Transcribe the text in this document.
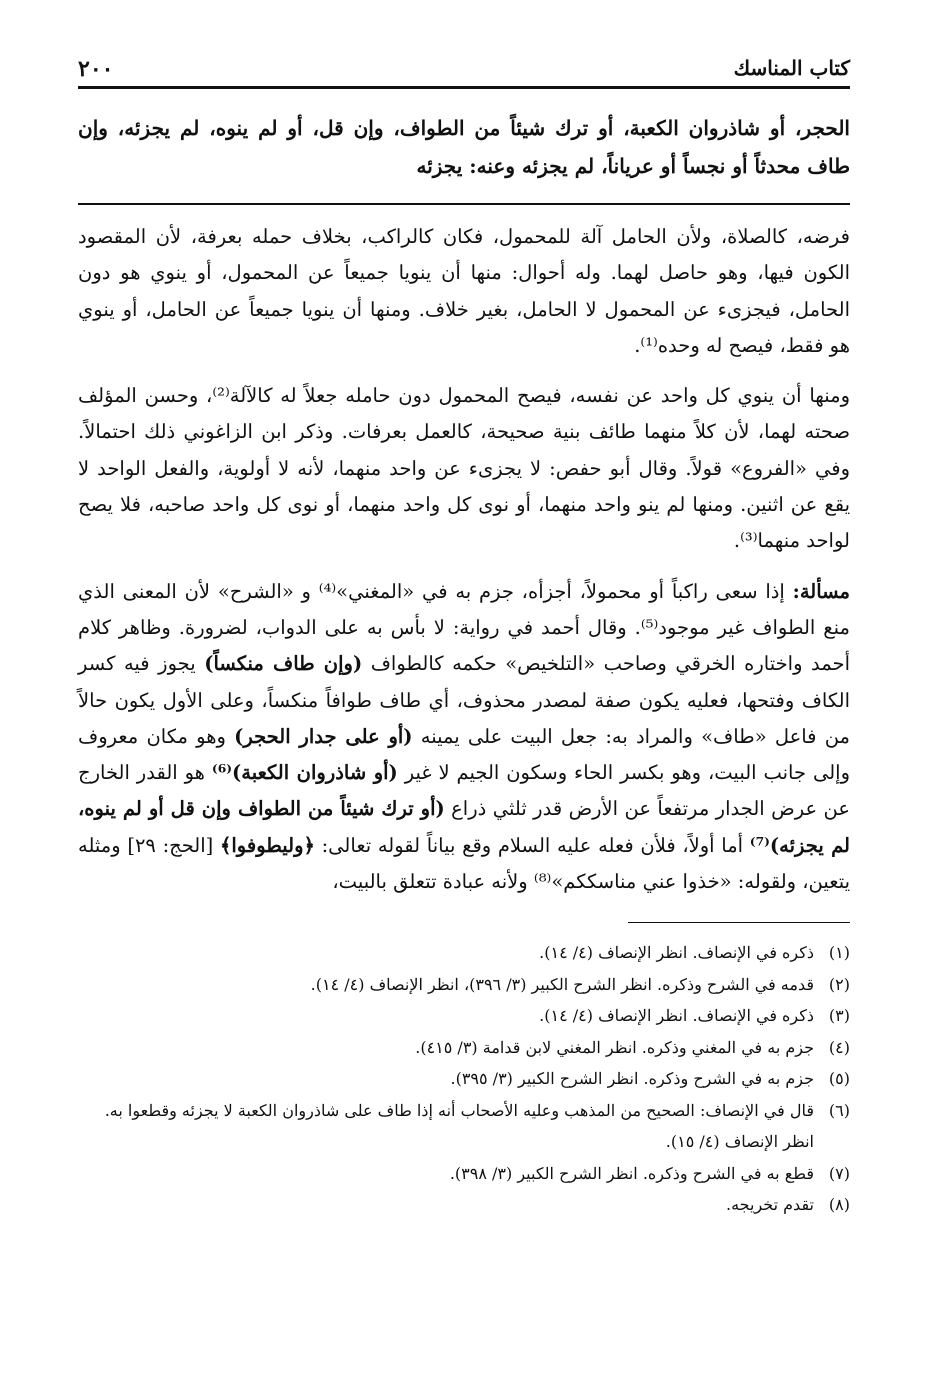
٢٠٠	كتاب المناسك
الحجر، أو شاذروان الكعبة، أو ترك شيئاً من الطواف، وإن قل، أو لم ينوه، لم يجزئه، وإن طاف محدثاً أو نجساً أو عرياناً، لم يجزئه وعنه: يجزئه

فرضه، كالصلاة، ولأن الحامل آلة للمحمول، فكان كالراكب، بخلاف حمله بعرفة، لأن المقصود الكون فيها، وهو حاصل لهما. وله أحوال: منها أن ينويا جميعاً عن المحمول، أو ينوي هو دون الحامل، فيجزىء عن المحمول لا الحامل، بغير خلاف. ومنها أن ينويا جميعاً عن الحامل، أو ينوي هو فقط، فيصح له وحده⁽¹⁾.

ومنها أن ينوي كل واحد عن نفسه، فيصح المحمول دون حامله جعلاً له كالآلة⁽²⁾، وحسن المؤلف صحته لهما، لأن كلاً منهما طائف بنية صحيحة، كالعمل بعرفات. وذكر ابن الزاغوني ذلك احتمالاً. وفي «الفروع» قولاً. وقال أبو حفص: لا يجزىء عن واحد منهما، لأنه لا أولوية، والفعل الواحد لا يقع عن اثنين. ومنها لم ينو واحد منهما، أو نوى كل واحد منهما، أو نوى كل واحد صاحبه، فلا يصح لواحد منهما⁽³⁾.

مسألة: إذا سعى راكباً أو محمولاً، أجزأه، جزم به في «المغني»⁽⁴⁾ و «الشرح» لأن المعنى الذي منع الطواف غير موجود⁽⁵⁾. وقال أحمد في رواية: لا بأس به على الدواب، لضرورة. وظاهر كلام أحمد واختاره الخرقي وصاحب «التلخيص» حكمه كالطواف (وإن طاف منكساً) يجوز فيه كسر الكاف وفتحها، فعليه يكون صفة لمصدر محذوف، أي طاف طوافاً منكساً، وعلى الأول يكون حالاً من فاعل «طاف» والمراد به: جعل البيت على يمينه (أو على جدار الحجر) وهو مكان معروف وإلى جانب البيت، وهو بكسر الحاء وسكون الجيم لا غير (أو شاذروان الكعبة)⁽⁶⁾ هو القدر الخارج عن عرض الجدار مرتفعاً عن الأرض قدر ثلثي ذراع (أو ترك شيئاً من الطواف وإن قل أو لم ينوه، لم يجزئه)⁽⁷⁾ أما أولاً، فلأن فعله عليه السلام وقع بياناً لقوله تعالى: ﴿وليطوفوا﴾ [الحج: ٢٩] ومثله يتعين، ولقوله: «خذوا عني مناسككم»⁽⁸⁾ ولأنه عبادة تتعلق بالبيت،

(١)
ذكره في الإنصاف. انظر الإنصاف (٤/ ١٤).
(٢)
قدمه في الشرح وذكره. انظر الشرح الكبير (٣/ ٣٩٦)، انظر الإنصاف (٤/ ١٤).
(٣)
ذكره في الإنصاف. انظر الإنصاف (٤/ ١٤).
(٤)
جزم به في المغني وذكره. انظر المغني لابن قدامة (٣/ ٤١٥).
(٥)
جزم به في الشرح وذكره. انظر الشرح الكبير (٣/ ٣٩٥).
(٦)
قال في الإنصاف: الصحيح من المذهب وعليه الأصحاب أنه إذا طاف على شاذروان الكعبة لا يجزئه وقطعوا به. انظر الإنصاف (٤/ ١٥).
(٧)
قطع به في الشرح وذكره. انظر الشرح الكبير (٣/ ٣٩٨).
(٨)
تقدم تخريجه.
